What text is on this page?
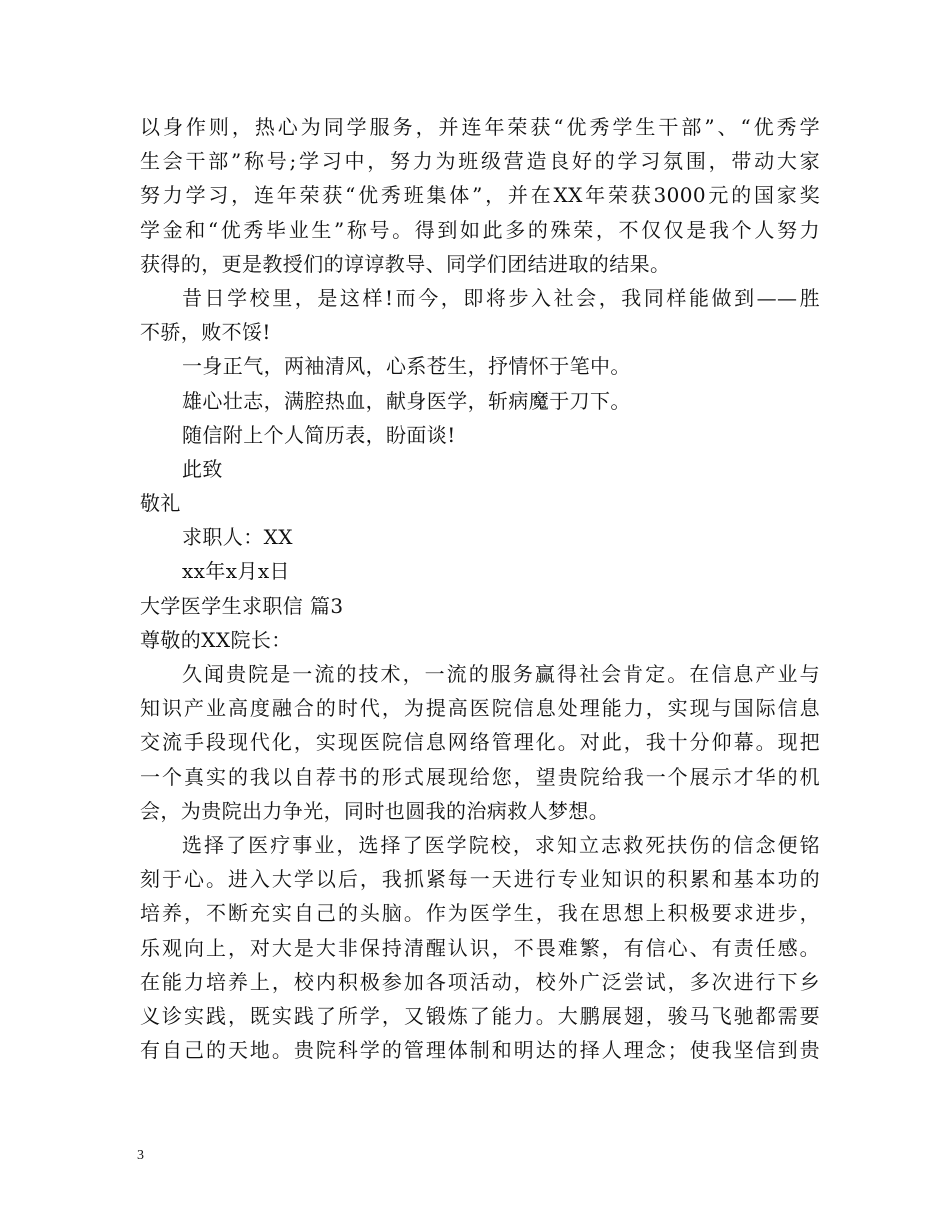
以身作则，热心为同学服务，并连年荣获“优秀学生干部”、“优秀学
生会干部”称号;学习中，努力为班级营造良好的学习氛围，带动大家
努力学习，连年荣获“优秀班集体”，并在XX年荣获3000元的国家奖
学金和“优秀毕业生”称号。得到如此多的殊荣，不仅仅是我个人努力
获得的，更是教授们的谆谆教导、同学们团结进取的结果。
昔日学校里，是这样!而今，即将步入社会，我同样能做到——胜
不骄，败不馁!
一身正气，两袖清风，心系苍生，抒情怀于笔中。
雄心壮志，满腔热血，献身医学，斩病魔于刀下。
随信附上个人简历表，盼面谈!
此致
敬礼
求职人：XX
xx年x月x日
大学医学生求职信 篇3
尊敬的XX院长：
久闻贵院是一流的技术，一流的服务赢得社会肯定。在信息产业与
知识产业高度融合的时代，为提高医院信息处理能力，实现与国际信息
交流手段现代化，实现医院信息网络管理化。对此，我十分仰幕。现把
一个真实的我以自荐书的形式展现给您，望贵院给我一个展示才华的机
会，为贵院出力争光，同时也圆我的治病救人梦想。
选择了医疗事业，选择了医学院校，求知立志救死扶伤的信念便铭
刻于心。进入大学以后，我抓紧每一天进行专业知识的积累和基本功的
培养，不断充实自己的头脑。作为医学生，我在思想上积极要求进步，
乐观向上，对大是大非保持清醒认识，不畏难繁，有信心、有责任感。
在能力培养上，校内积极参加各项活动，校外广泛尝试，多次进行下乡
义诊实践，既实践了所学，又锻炼了能力。大鹏展翅，骏马飞驰都需要
有自己的天地。贵院科学的管理体制和明达的择人理念；使我坚信到贵
3
